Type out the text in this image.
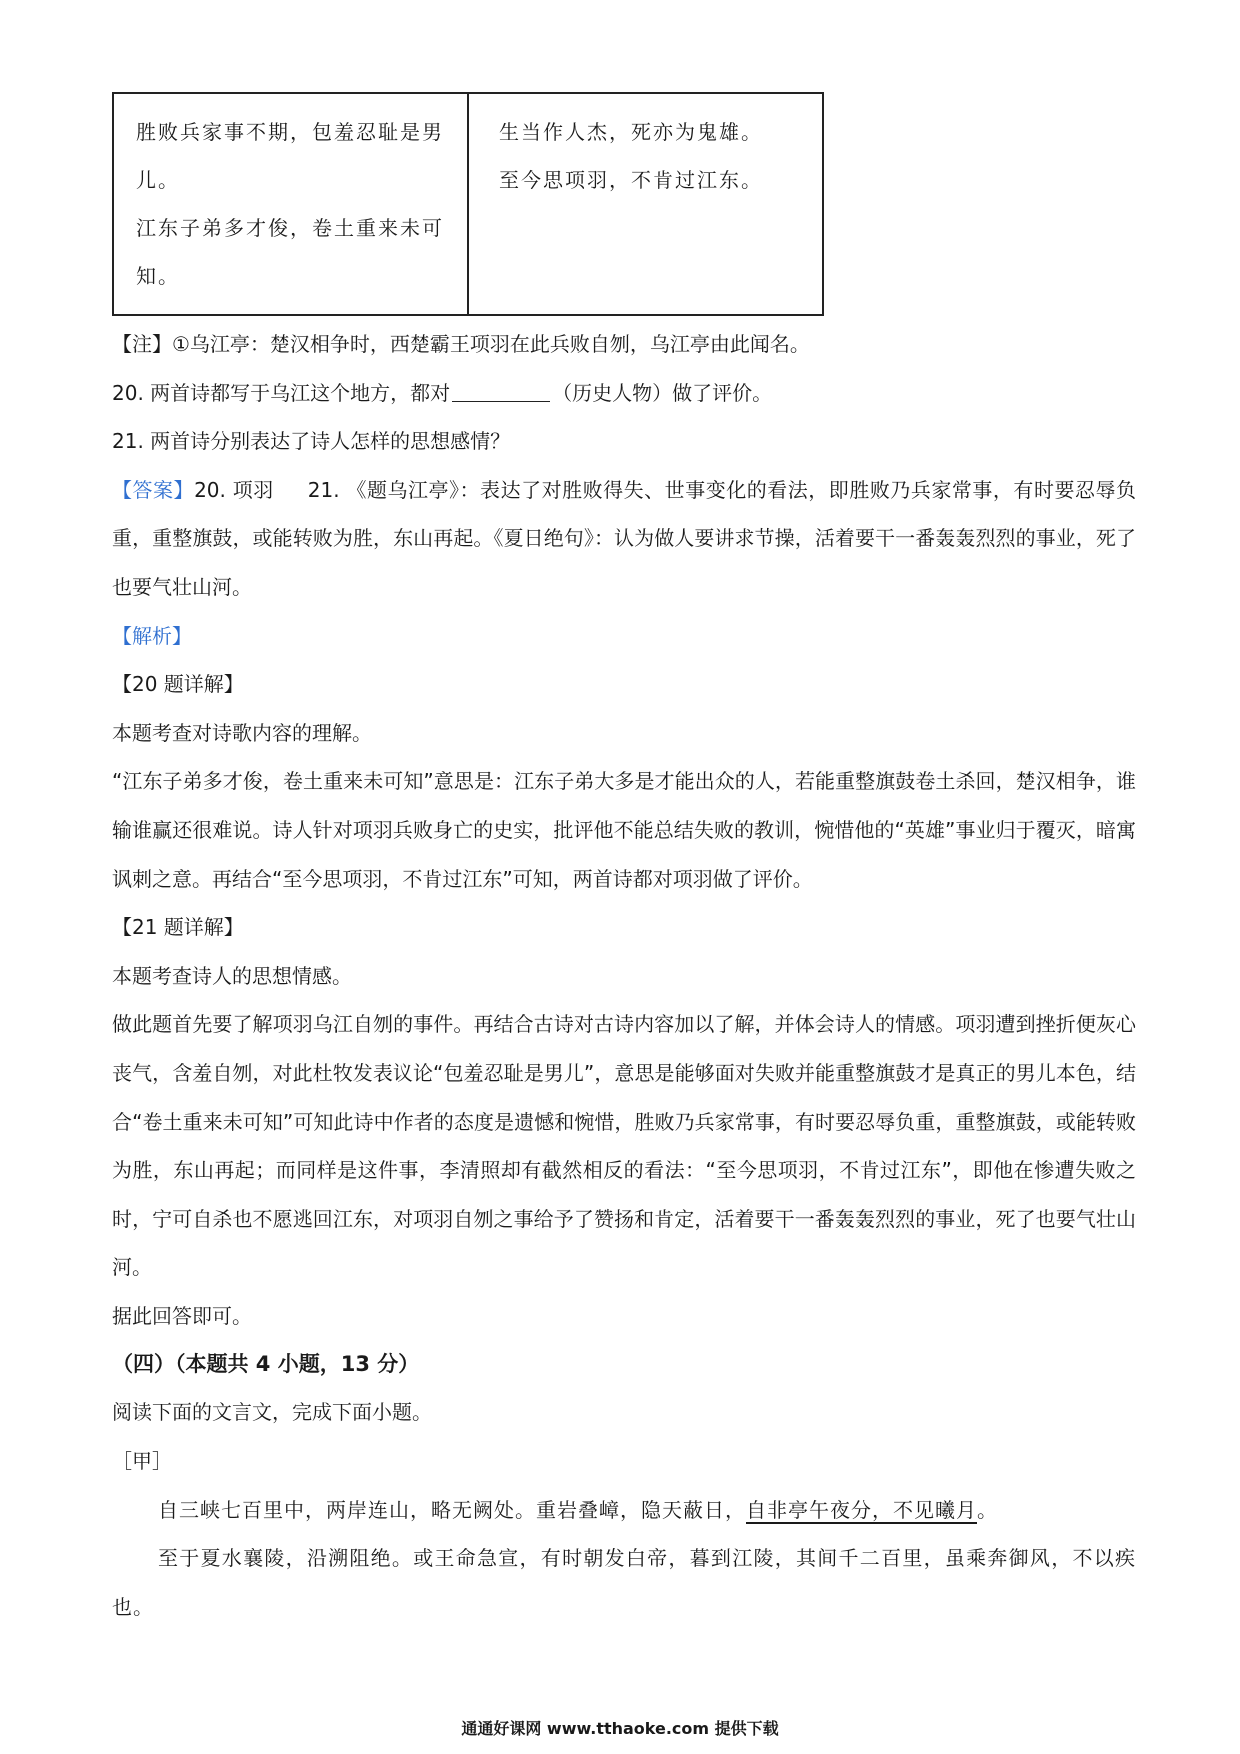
胜败兵家事不期，包羞忍耻是男儿。
江东子弟多才俊，卷土重来未可知。

生当作人杰，死亦为鬼雄。
至今思项羽，不肯过江东。
【注】①乌江亭：楚汉相争时，西楚霸王项羽在此兵败自刎，乌江亭由此闻名。
20. 两首诗都写于乌江这个地方，都对	（历史人物）做了评价。
21. 两首诗分别表达了诗人怎样的思想感情？
【答案】20. 项羽 21. 《题乌江亭》：表达了对胜败得失、世事变化的看法，即胜败乃兵家常事，有时要忍辱负重，重整旗鼓，或能转败为胜，东山再起。《夏日绝句》：认为做人要讲求节操，活着要干一番轰轰烈烈的事业，死了也要气壮山河。
【解析】
【20 题详解】
本题考查对诗歌内容的理解。
“江东子弟多才俊，卷土重来未可知”意思是：江东子弟大多是才能出众的人，若能重整旗鼓卷土杀回，楚汉相争，谁输谁赢还很难说。诗人针对项羽兵败身亡的史实，批评他不能总结失败的教训，惋惜他的“英雄”事业归于覆灭，暗寓讽刺之意。再结合“至今思项羽，不肯过江东”可知，两首诗都对项羽做了评价。
【21 题详解】
本题考查诗人的思想情感。
做此题首先要了解项羽乌江自刎的事件。再结合古诗对古诗内容加以了解，并体会诗人的情感。项羽遭到挫折便灰心丧气，含羞自刎，对此杜牧发表议论“包羞忍耻是男儿”，意思是能够面对失败并能重整旗鼓才是真正的男儿本色，结合“卷土重来未可知”可知此诗中作者的态度是遗憾和惋惜，胜败乃兵家常事，有时要忍辱负重，重整旗鼓，或能转败为胜，东山再起；而同样是这件事，李清照却有截然相反的看法：“至今思项羽，不肯过江东”，即他在惨遭失败之时，宁可自杀也不愿逃回江东，对项羽自刎之事给予了赞扬和肯定，活着要干一番轰轰烈烈的事业，死了也要气壮山河。
据此回答即可。
（四）（本题共 4 小题，13 分）
阅读下面的文言文，完成下面小题。
［甲］
自三峡七百里中，两岸连山，略无阙处。重岩叠嶂，隐天蔽日，自非亭午夜分，不见曦月。
至于夏水襄陵，沿溯阻绝。或王命急宣，有时朝发白帝，暮到江陵，其间千二百里，虽乘奔御风，不以疾也。
通通好课网 www.tthaoke.com 提供下载
